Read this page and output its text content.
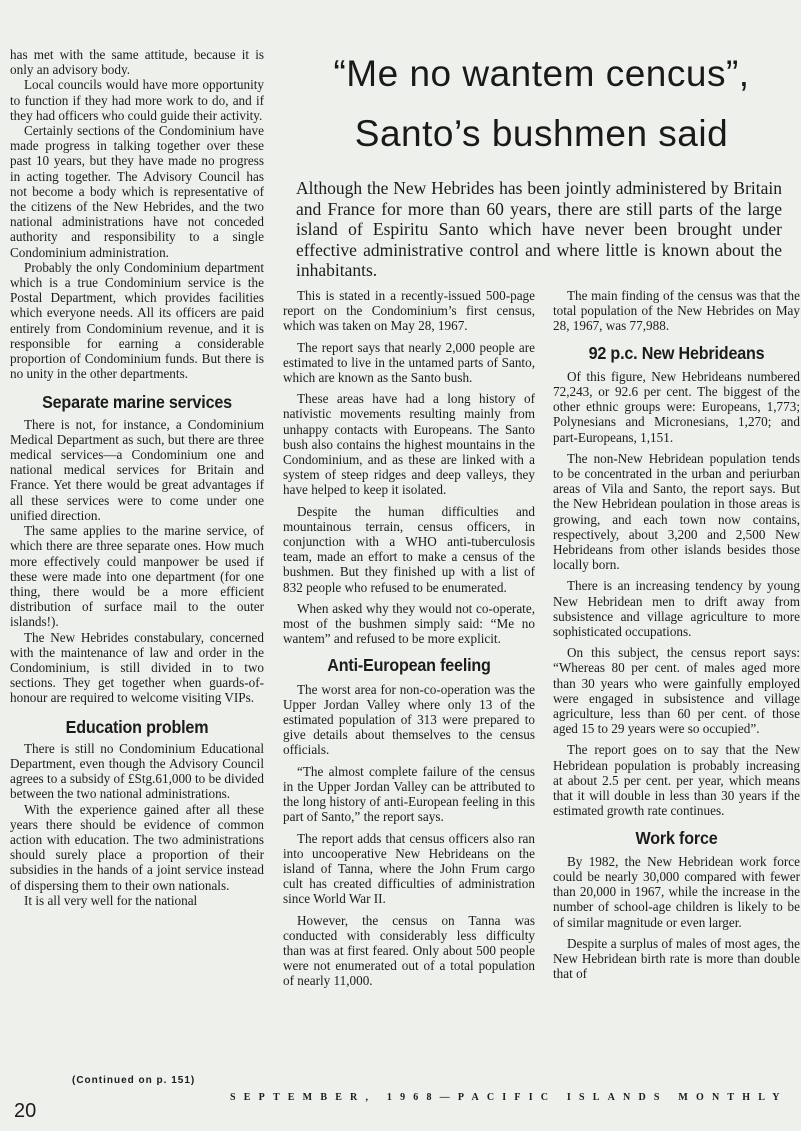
has met with the same attitude, because it is only an advisory body.

Local councils would have more opportunity to function if they had more work to do, and if they had officers who could guide their activity.

Certainly sections of the Condominium have made progress in talking together over these past 10 years, but they have made no progress in acting together. The Advisory Council has not become a body which is representative of the citizens of the New Hebrides, and the two national administrations have not conceded authority and responsibility to a single Condominium administration.

Probably the only Condominium department which is a true Condominium service is the Postal Department, which provides facilities which everyone needs. All its officers are paid entirely from Condominium revenue, and it is responsible for earning a considerable proportion of Condominium funds. But there is no unity in the other departments.

Separate marine services

There is not, for instance, a Condominium Medical Department as such, but there are three medical services—a Condominium one and national medical services for Britain and France. Yet there would be great advantages if all these services were to come under one unified direction.

The same applies to the marine service, of which there are three separate ones. How much more effectively could manpower be used if these were made into one department (for one thing, there would be a more efficient distribution of surface mail to the outer islands!).

The New Hebrides constabulary, concerned with the maintenance of law and order in the Condominium, is still divided in to two sections. They get together when guards-of-honour are required to welcome visiting VIPs.

Education problem

There is still no Condominium Educational Department, even though the Advisory Council agrees to a subsidy of £Stg.61,000 to be divided between the two national administrations.

With the experience gained after all these years there should be evidence of common action with education. The two administrations should surely place a proportion of their subsidies in the hands of a joint service instead of dispersing them to their own nationals.

It is all very well for the national

(Continued on p. 151)
“Me no wantem cencus”,
Santo’s bushmen said
Although the New Hebrides has been jointly administered by Britain and France for more than 60 years, there are still parts of the large island of Espiritu Santo which have never been brought under effective administrative control and where little is known about the inhabitants.

This is stated in a recently-issued 500-page report on the Condominium’s first census, which was taken on May 28, 1967.

The report says that nearly 2,000 people are estimated to live in the untamed parts of Santo, which are known as the Santo bush.

These areas have had a long history of nativistic movements resulting mainly from unhappy contacts with Europeans. The Santo bush also contains the highest mountains in the Condominium, and as these are linked with a system of steep ridges and deep valleys, they have helped to keep it isolated.

Despite the human difficulties and mountainous terrain, census officers, in conjunction with a WHO anti-tuberculosis team, made an effort to make a census of the bushmen. But they finished up with a list of 832 people who refused to be enumerated.

When asked why they would not co-operate, most of the bushmen simply said: “Me no wantem” and refused to be more explicit.

Anti-European feeling

The worst area for non-co-operation was the Upper Jordan Valley where only 13 of the estimated population of 313 were prepared to give details about themselves to the census officials.

“The almost complete failure of the census in the Upper Jordan Valley can be attributed to the long history of anti-European feeling in this part of Santo,” the report says.

The report adds that census officers also ran into uncooperative New Hebrideans on the island of Tanna, where the John Frum cargo cult has created difficulties of administration since World War II.

However, the census on Tanna was conducted with considerably less difficulty than was at first feared. Only about 500 people were not enumerated out of a total population of nearly 11,000.

The main finding of the census was that the total population of the New Hebrides on May 28, 1967, was 77,988.

92 p.c. New Hebrideans

Of this figure, New Hebrideans numbered 72,243, or 92.6 per cent. The biggest of the other ethnic groups were: Europeans, 1,773; Polynesians and Micronesians, 1,270; and part-Europeans, 1,151.

The non-New Hebridean population tends to be concentrated in the urban and periurban areas of Vila and Santo, the report says. But the New Hebridean poulation in those areas is growing, and each town now contains, respectively, about 3,200 and 2,500 New Hebrideans from other islands besides those locally born.

There is an increasing tendency by young New Hebridean men to drift away from subsistence and village agriculture to more sophisticated occupations.

On this subject, the census report says: “Whereas 80 per cent. of males aged more than 30 years who were gainfully employed were engaged in subsistence and village agriculture, less than 60 per cent. of those aged 15 to 29 years were so occupied”.

The report goes on to say that the New Hebridean population is probably increasing at about 2.5 per cent. per year, which means that it will double in less than 30 years if the estimated growth rate continues.

Work force

By 1982, the New Hebridean work force could be nearly 30,000 compared with fewer than 20,000 in 1967, while the increase in the number of school-age children is likely to be of similar magnitude or even larger.

Despite a surplus of males of most ages, the New Hebridean birth rate is more than double that of

20
SEPTEMBER, 1968—PACIFIC ISLANDS MONTHLY
